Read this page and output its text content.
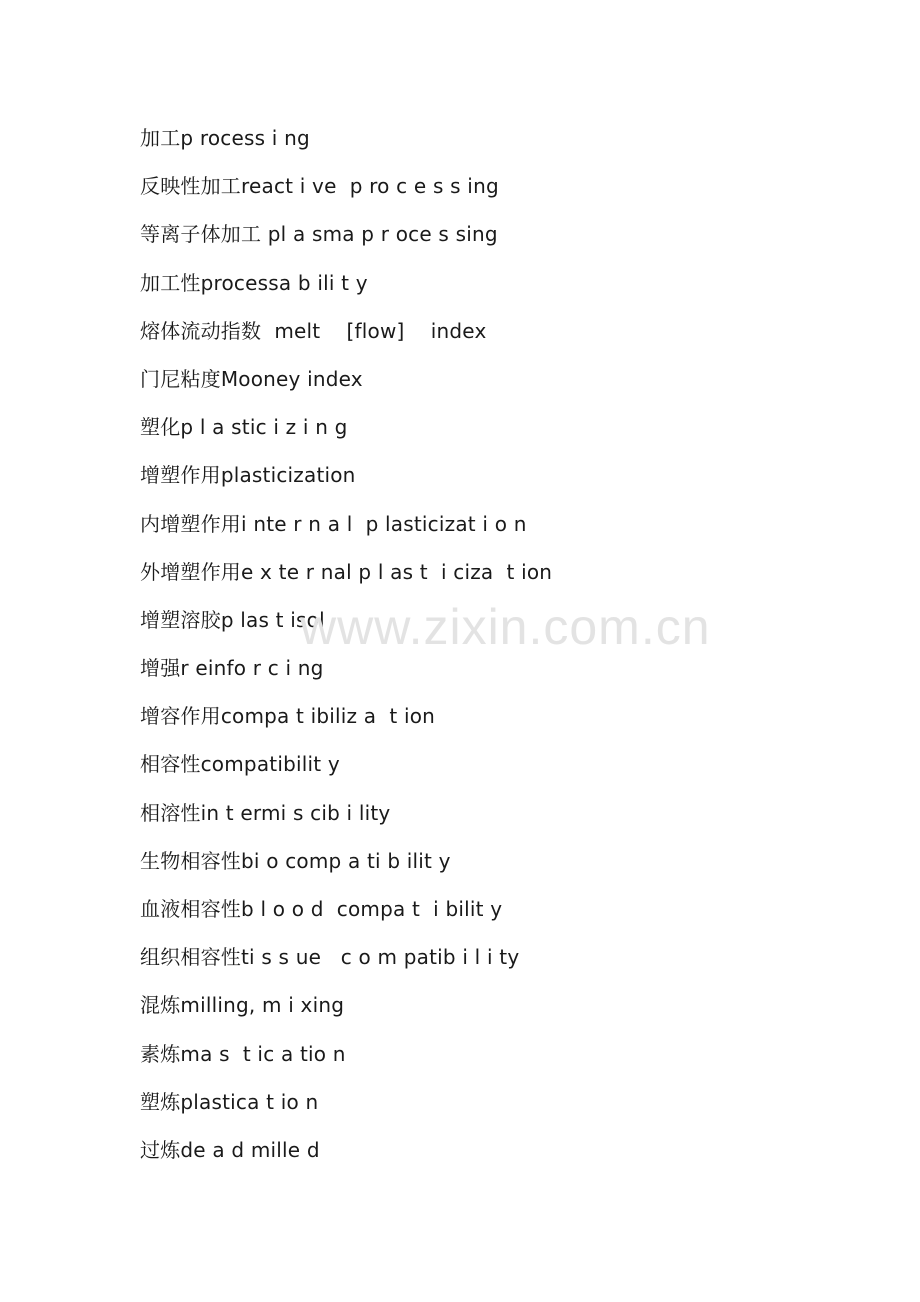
加工p rocess i ng
反映性加工react i ve  p ro c e s s ing
等离子体加工 pl a sma p r oce s sing
加工性processa b ili t y
熔体流动指数  melt    [flow]    index
门尼粘度Mooney index
塑化p l a stic i z i n g
增塑作用plasticization
内增塑作用i nte r n a l  p lasticizat i o n
外增塑作用e x te r nal p l as t  i ciza  t ion
增塑溶胶p las t isol
增强r einfo r c i ng
增容作用compa t ibiliz a  t ion
相容性compatibilit y
相溶性in t ermi s cib i lity
生物相容性bi o comp a ti b ilit y
血液相容性b l o o d  compa t  i bilit y
组织相容性ti s s ue   c o m patib i l i ty
混炼milling, m i xing
素炼ma s  t ic a tio n
塑炼plastica t io n
过炼de a d mille d
www.zixin.com.cn
